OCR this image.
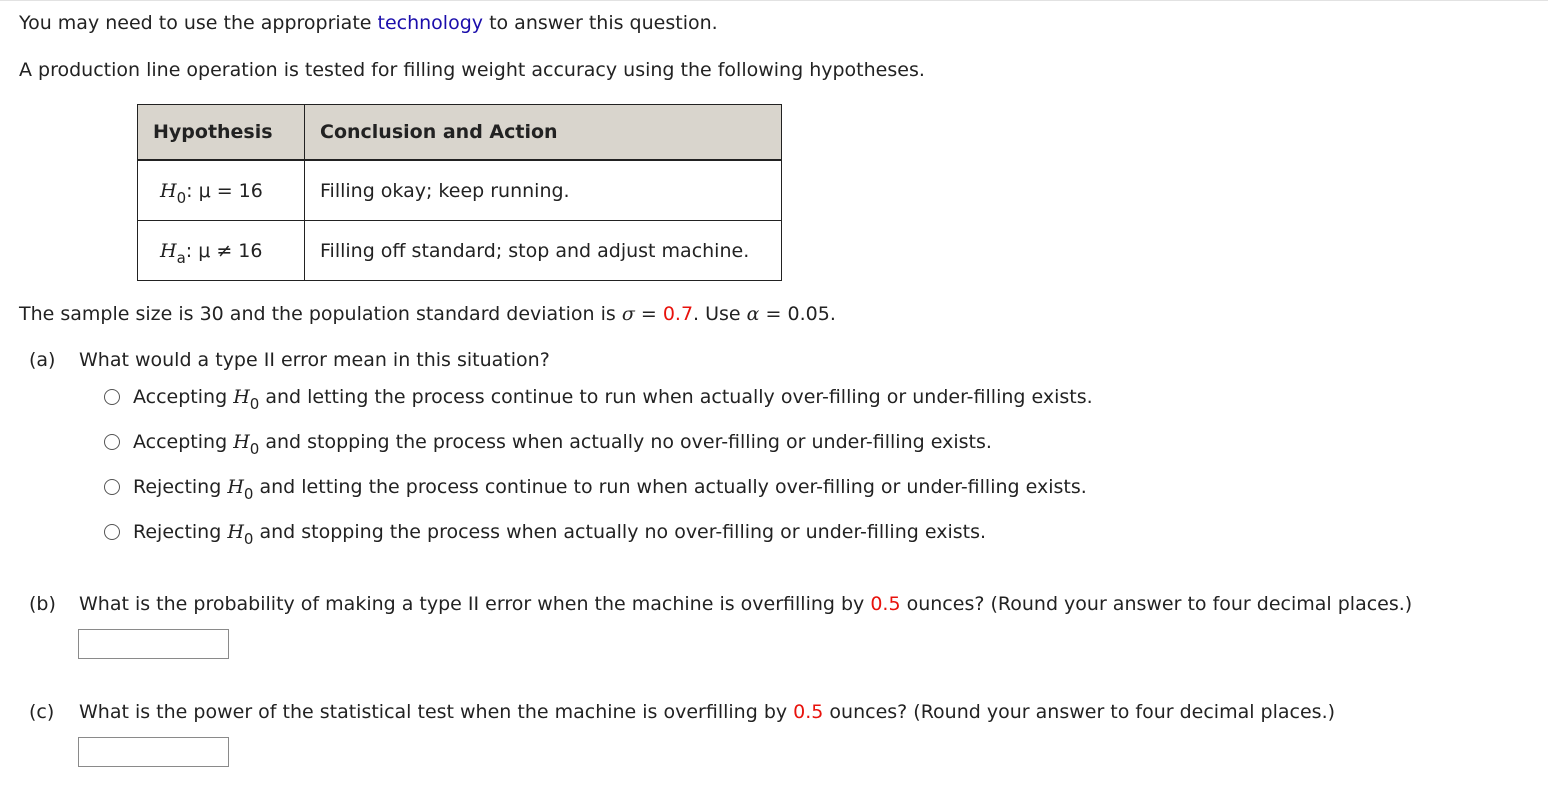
You may need to use the appropriate technology to answer this question.
A production line operation is tested for filling weight accuracy using the following hypotheses.
Hypothesis	Conclusion and Action
$H_0$: μ = 16	Filling okay; keep running.
$H_a$: μ ≠ 16	Filling off standard; stop and adjust machine.
The sample size is 30 and the population standard deviation is σ = 0.7. Use α = 0.05.
(a) What would a type II error mean in this situation?
Accepting $H_0$ and letting the process continue to run when actually over-filling or under-filling exists.
Accepting $H_0$ and stopping the process when actually no over-filling or under-filling exists.
Rejecting $H_0$ and letting the process continue to run when actually over-filling or under-filling exists.
Rejecting $H_0$ and stopping the process when actually no over-filling or under-filling exists.
(b) What is the probability of making a type II error when the machine is overfilling by 0.5 ounces? (Round your answer to four decimal places.)
(c) What is the power of the statistical test when the machine is overfilling by 0.5 ounces? (Round your answer to four decimal places.)
